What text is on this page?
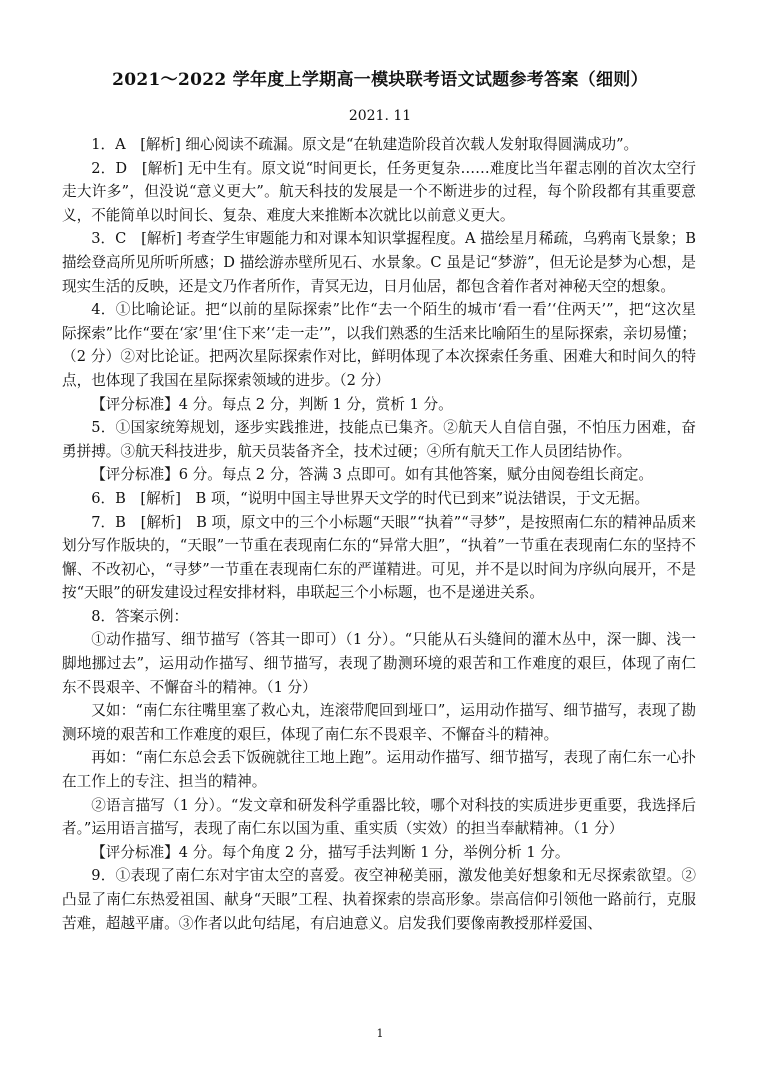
2021～2022 学年度上学期高一模块联考语文试题参考答案（细则）
2021. 11

1．A　[解析] 细心阅读不疏漏。原文是“在轨建造阶段首次载人发射取得圆满成功”。

2．D　[解析] 无中生有。原文说“时间更长，任务更复杂……难度比当年翟志刚的首次太空行走大许多”，但没说“意义更大”。航天科技的发展是一个不断进步的过程，每个阶段都有其重要意义，不能简单以时间长、复杂、难度大来推断本次就比以前意义更大。

3．C　[解析] 考查学生审题能力和对课本知识掌握程度。A 描绘星月稀疏，乌鸦南飞景象；B 描绘登高所见所听所感；D 描绘游赤壁所见石、水景象。C 虽是记“梦游”，但无论是梦为心想，是现实生活的反映，还是文乃作者所作，青冥无边，日月仙居，都包含着作者对神秘天空的想象。

4．①比喻论证。把“以前的星际探索”比作“去一个陌生的城市‘看一看’‘住两天’”，把“这次星际探索”比作“要在‘家’里‘住下来’‘走一走’”，以我们熟悉的生活来比喻陌生的星际探索，亲切易懂；（2 分）②对比论证。把两次星际探索作对比，鲜明体现了本次探索任务重、困难大和时间久的特点，也体现了我国在星际探索领域的进步。（2 分）

【评分标准】4 分。每点 2 分，判断 1 分，赏析 1 分。

5．①国家统筹规划，逐步实践推进，技能点已集齐。②航天人自信自强，不怕压力困难，奋勇拼搏。③航天科技进步，航天员装备齐全，技术过硬；④所有航天工作人员团结协作。

【评分标准】6 分。每点 2 分，答满 3 点即可。如有其他答案，赋分由阅卷组长商定。

6．B　[解析]　B 项，“说明中国主导世界天文学的时代已到来”说法错误，于文无据。

7．B　[解析]　B 项，原文中的三个小标题“天眼”“执着”“寻梦”，是按照南仁东的精神品质来划分写作版块的，“天眼”一节重在表现南仁东的“异常大胆”，“执着”一节重在表现南仁东的坚持不懈、不改初心，“寻梦”一节重在表现南仁东的严谨精进。可见，并不是以时间为序纵向展开，不是按“天眼”的研发建设过程安排材料，串联起三个小标题，也不是递进关系。

8．答案示例：

①动作描写、细节描写（答其一即可）（1 分）。“只能从石头缝间的灌木丛中，深一脚、浅一脚地挪过去”，运用动作描写、细节描写，表现了勘测环境的艰苦和工作难度的艰巨，体现了南仁东不畏艰辛、不懈奋斗的精神。（1 分）

又如：“南仁东往嘴里塞了救心丸，连滚带爬回到垭口”，运用动作描写、细节描写，表现了勘测环境的艰苦和工作难度的艰巨，体现了南仁东不畏艰辛、不懈奋斗的精神。

再如：“南仁东总会丢下饭碗就往工地上跑”。运用动作描写、细节描写，表现了南仁东一心扑在工作上的专注、担当的精神。

②语言描写（1 分）。“发文章和研发科学重器比较，哪个对科技的实质进步更重要，我选择后者。”运用语言描写，表现了南仁东以国为重、重实质（实效）的担当奉献精神。（1 分）

【评分标准】4 分。每个角度 2 分，描写手法判断 1 分，举例分析 1 分。

9．①表现了南仁东对宇宙太空的喜爱。夜空神秘美丽，激发他美好想象和无尽探索欲望。②凸显了南仁东热爱祖国、献身“天眼”工程、执着探索的崇高形象。崇高信仰引领他一路前行，克服苦难，超越平庸。③作者以此句结尾，有启迪意义。启发我们要像南教授那样爱国、

1
